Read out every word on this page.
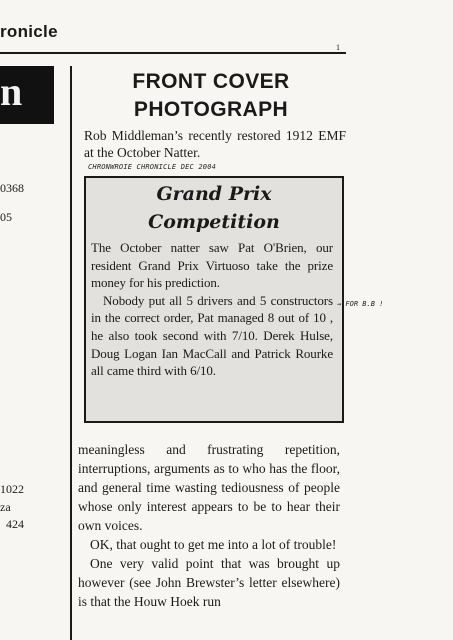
ronicle
1
n
0368
05
1022
za
424
FRONT COVER
PHOTOGRAPH
Rob Middleman’s recently restored 1912 EMF at the October Natter.
CHRONWROIE CHRONICLE DEC 2004
Grand Prix
Competition

The October natter saw Pat O'Brien, our resident Grand Prix Virtuoso take the prize money for his prediction.

Nobody put all 5 drivers and 5 constructors in the correct order, Pat managed 8 out of 10 , he also took second with 7/10. Derek Hulse, Doug Logan Ian MacCall and Patrick Rourke all came third with 6/10.

→ FOR B.B !

meaningless and frustrating repetition, interruptions, arguments as to who has the floor, and general time wasting tediousness of people whose only interest appears to be to hear their own voices.

OK, that ought to get me into a lot of trouble!

One very valid point that was brought up however (see John Brewster’s letter elsewhere) is that the Houw Hoek run
